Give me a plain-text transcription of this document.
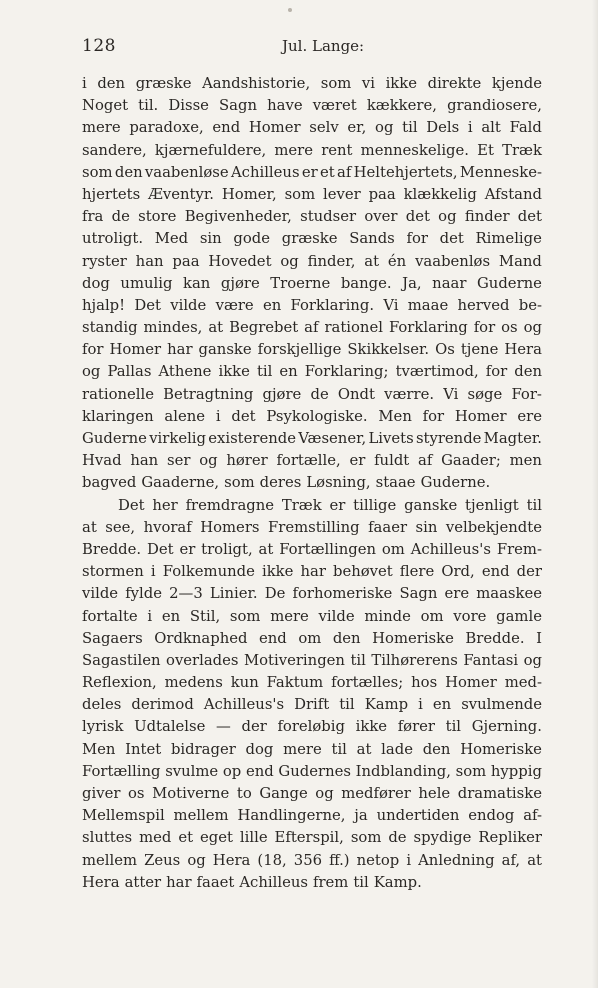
128	Jul. Lange:
i den græske Aandshistorie, som vi ikke direkte kjende
Noget til. Disse Sagn have været kækkere, grandiosere,
mere paradoxe, end Homer selv er, og til Dels i alt Fald
sandere, kjærnefuldere, mere rent menneskelige. Et Træk
som den vaabenløse Achilleus er et af Heltehjertets, Menneske-
hjertets Æventyr. Homer, som lever paa klækkelig Afstand
fra de store Begivenheder, studser over det og finder det
utroligt. Med sin gode græske Sands for det Rimelige
ryster han paa Hovedet og finder, at én vaabenløs Mand
dog umulig kan gjøre Troerne bange. Ja, naar Guderne
hjalp! Det vilde være en Forklaring. Vi maae herved be-
standig mindes, at Begrebet af rationel Forklaring for os og
for Homer har ganske forskjellige Skikkelser. Os tjene Hera
og Pallas Athene ikke til en Forklaring; tværtimod, for den
rationelle Betragtning gjøre de Ondt værre. Vi søge For-
klaringen alene i det Psykologiske. Men for Homer ere
Guderne virkelig existerende Væsener, Livets styrende Magter.
Hvad han ser og hører fortælle, er fuldt af Gaader; men
bagved Gaaderne, som deres Løsning, staae Guderne.
Det her fremdragne Træk er tillige ganske tjenligt til
at see, hvoraf Homers Fremstilling faaer sin velbekjendte
Bredde. Det er troligt, at Fortællingen om Achilleus's Frem-
stormen i Folkemunde ikke har behøvet flere Ord, end der
vilde fylde 2—3 Linier. De forhomeriske Sagn ere maaskee
fortalte i en Stil, som mere vilde minde om vore gamle
Sagaers Ordknaphed end om den Homeriske Bredde. I
Sagastilen overlades Motiveringen til Tilhørerens Fantasi og
Reflexion, medens kun Faktum fortælles; hos Homer med-
deles derimod Achilleus's Drift til Kamp i en svulmende
lyrisk Udtalelse — der foreløbig ikke fører til Gjerning.
Men Intet bidrager dog mere til at lade den Homeriske
Fortælling svulme op end Gudernes Indblanding, som hyppig
giver os Motiverne to Gange og medfører hele dramatiske
Mellemspil mellem Handlingerne, ja undertiden endog af-
sluttes med et eget lille Efterspil, som de spydige Repliker
mellem Zeus og Hera (18, 356 ff.) netop i Anledning af, at
Hera atter har faaet Achilleus frem til Kamp.
